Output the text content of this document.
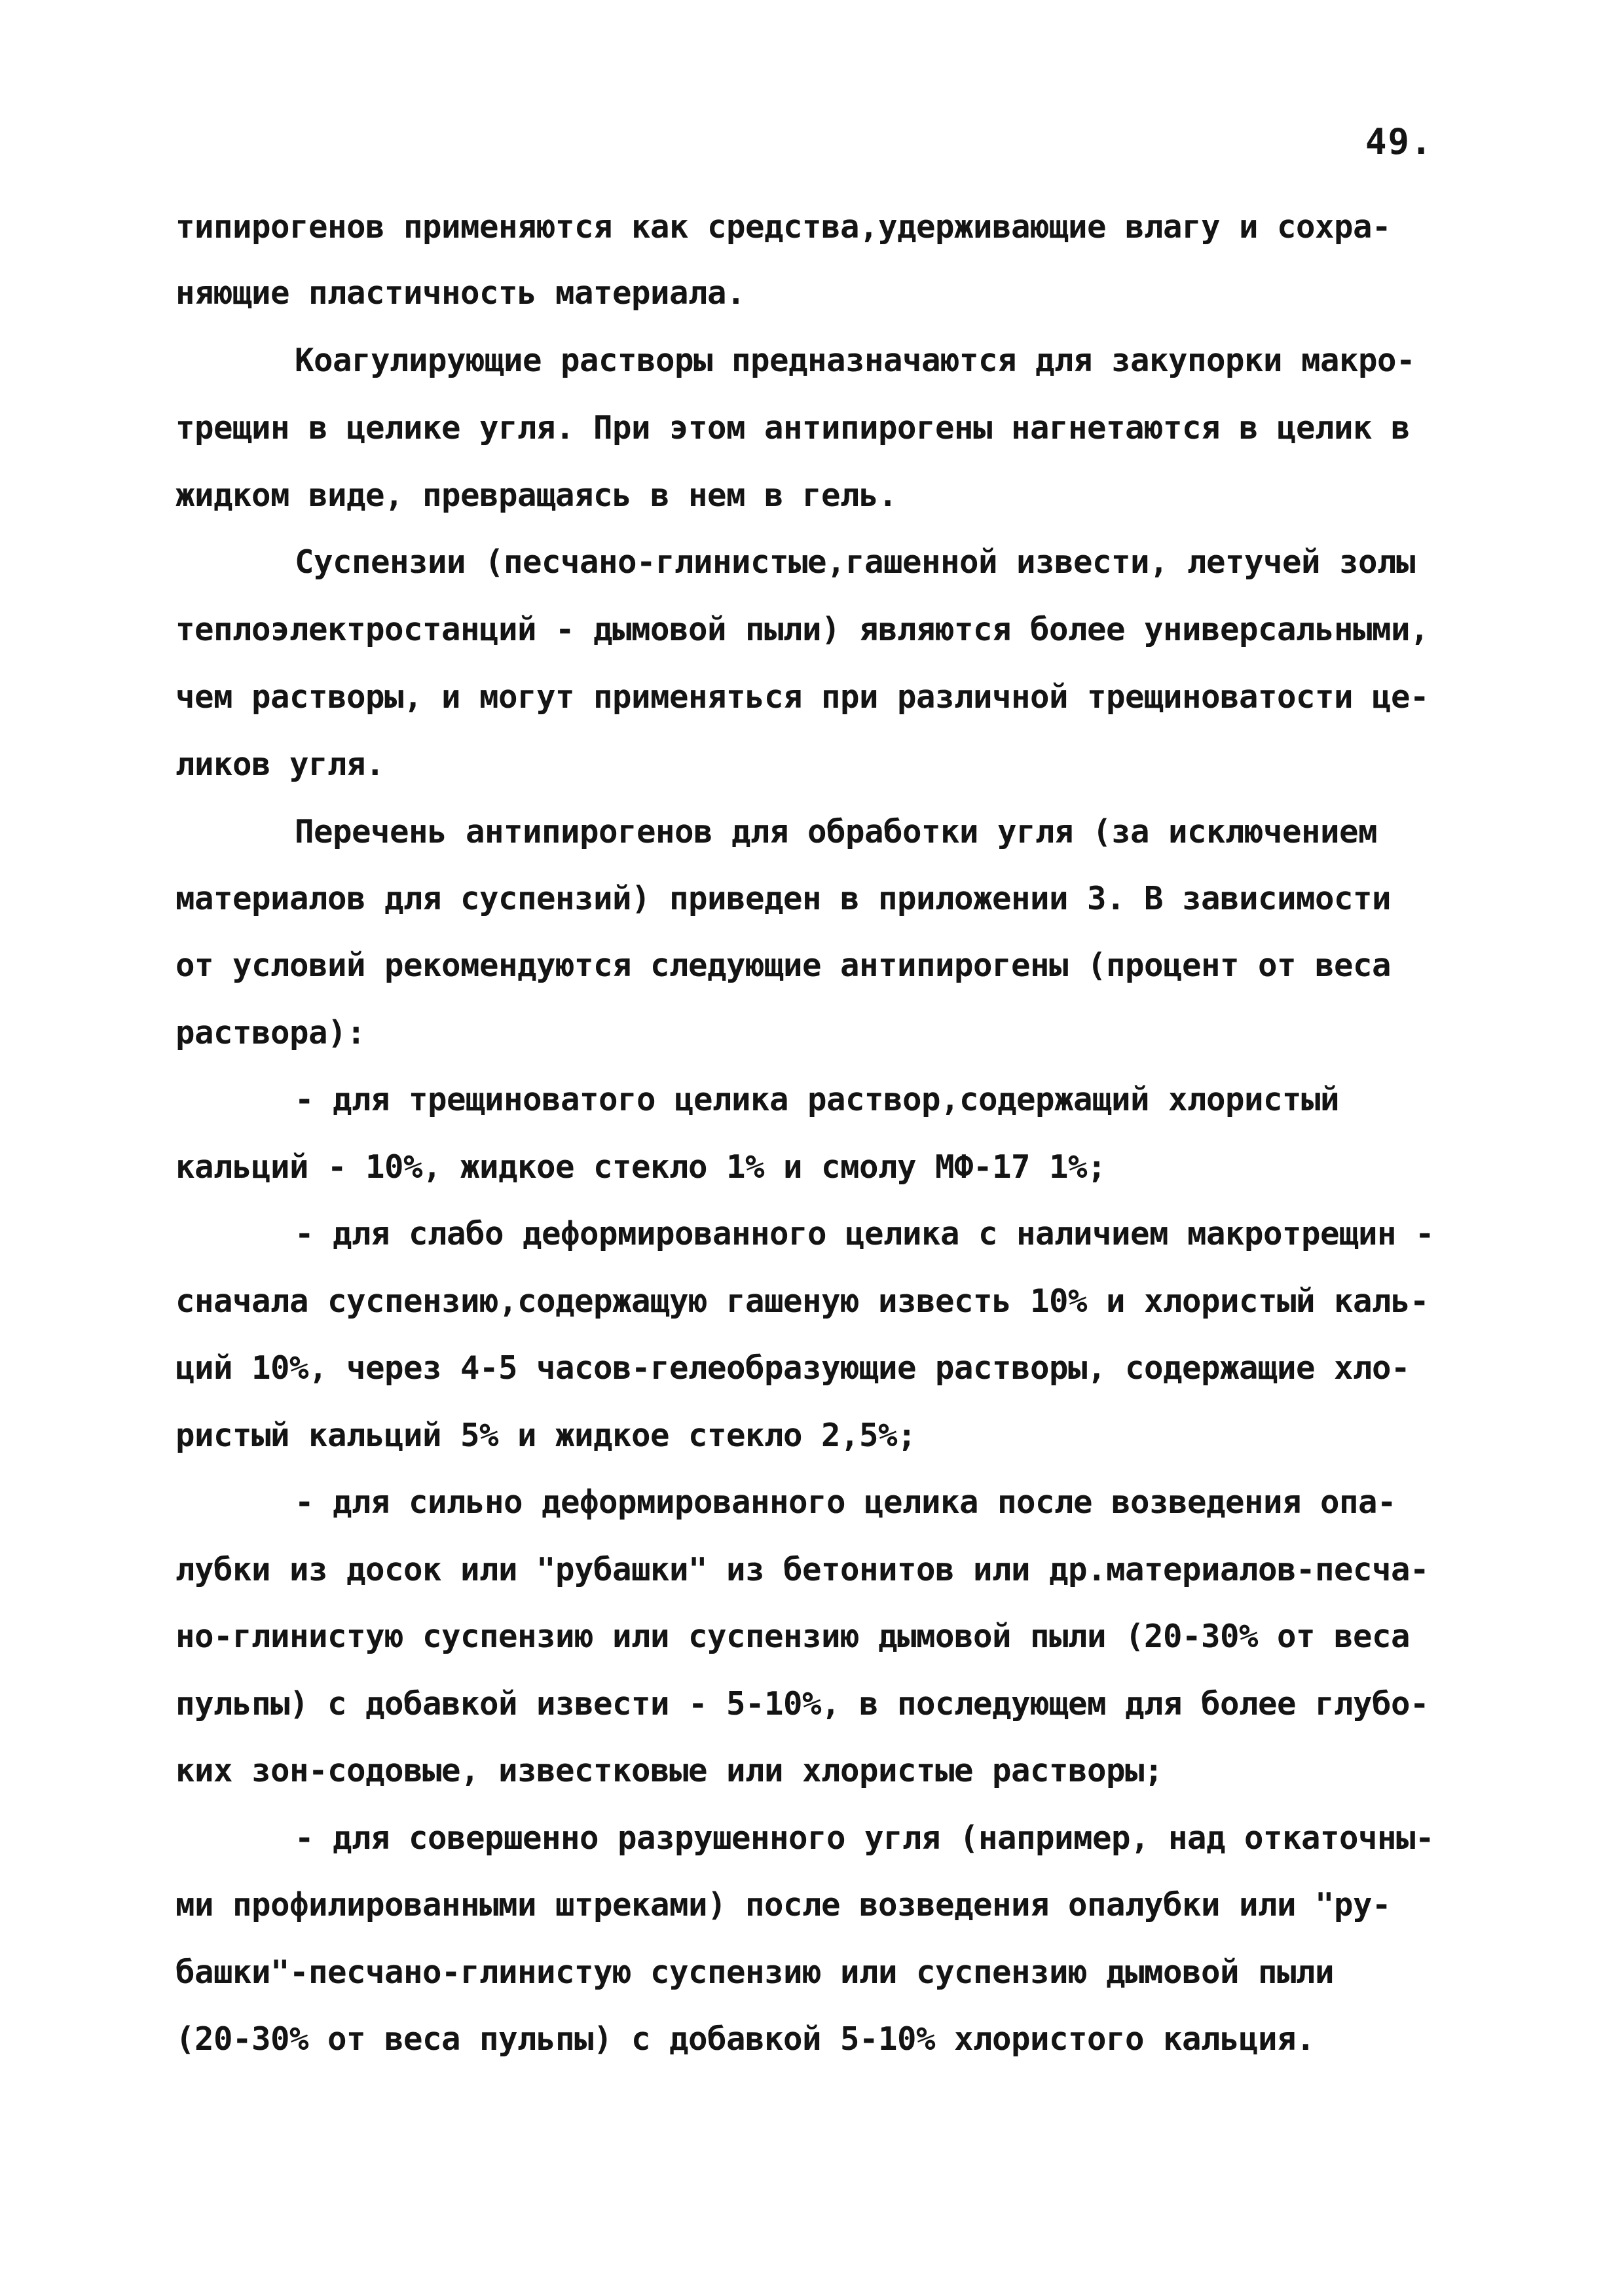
49.
типирогенов применяются как средства,удерживающие влагу и сохра-
няющие пластичность материала.
Коагулирующие растворы предназначаются для закупорки макро-
трещин в целике угля. При этом антипирогены нагнетаются в целик в
жидком виде, превращаясь в нем в гель.
Суспензии (песчано-глинистые,гашенной извести, летучей золы
теплоэлектростанций - дымовой пыли) являются более универсальными,
чем растворы, и могут применяться при различной трещиноватости це-
ликов угля.
Перечень антипирогенов для обработки угля (за исключением
материалов для суспензий) приведен в приложении 3. В зависимости
от условий рекомендуются следующие антипирогены (процент от веса
раствора):
- для трещиноватого целика раствор,содержащий хлористый
кальций - 10%, жидкое стекло 1% и смолу МФ-17 1%;
- для слабо деформированного целика с наличием макротрещин -
сначала суспензию,содержащую гашеную известь 10% и хлористый каль-
ций 10%, через 4-5 часов-гелеобразующие растворы, содержащие хло-
ристый кальций 5% и жидкое стекло 2,5%;
- для сильно деформированного целика после возведения опа-
лубки из досок или "рубашки" из бетонитов или др.материалов-песча-
но-глинистую суспензию или суспензию дымовой пыли (20-30% от веса
пульпы) с добавкой извести - 5-10%, в последующем для более глубо-
ких зон-содовые, известковые или хлористые растворы;
- для совершенно разрушенного угля (например, над откаточны-
ми профилированными штреками) после возведения опалубки или "ру-
башки"-песчано-глинистую суспензию или суспензию дымовой пыли
(20-30% от веса пульпы) с добавкой 5-10% хлористого кальция.
